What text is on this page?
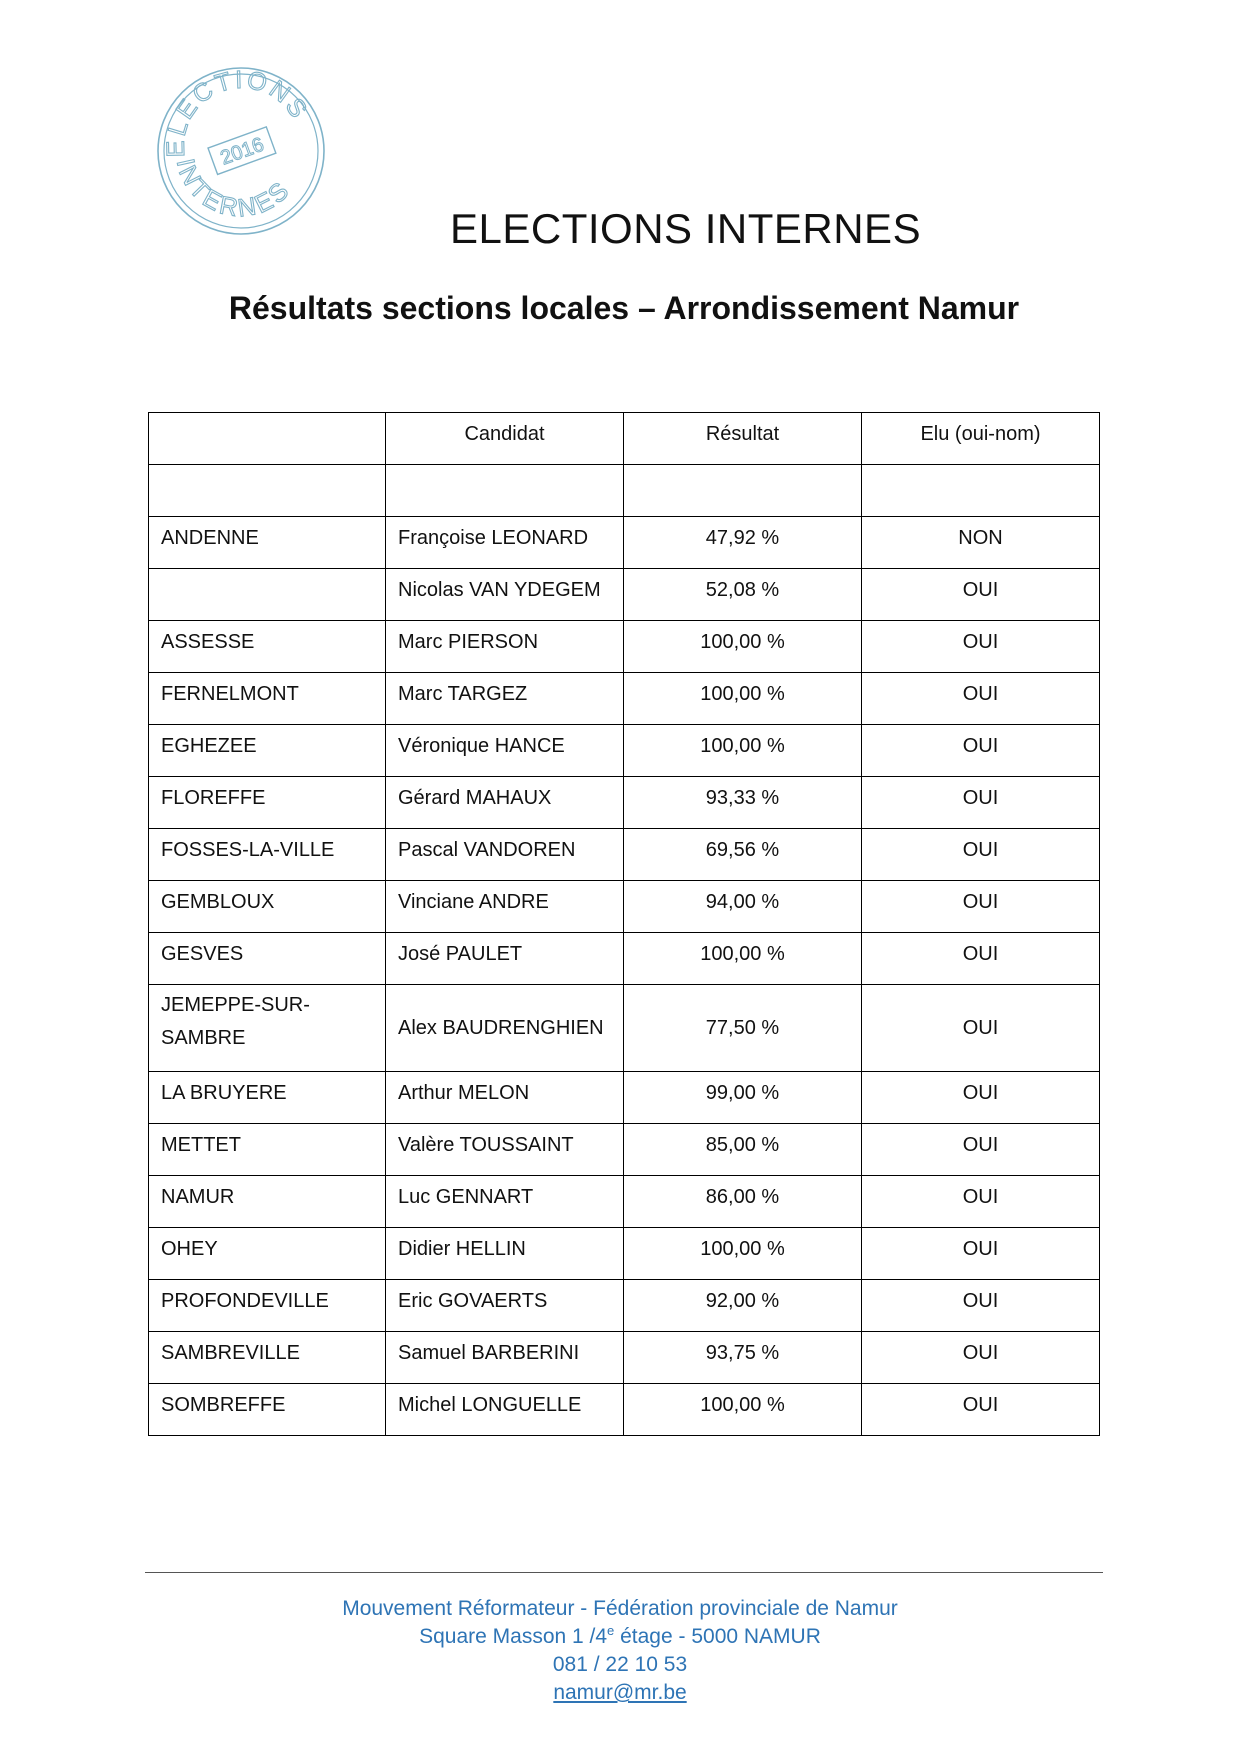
ELECTIONS
INTERNES
2016
ELECTIONS INTERNES
Résultats sections locales – Arrondissement Namur
	Candidat	Résultat	Elu (oui-nom)

ANDENNE	Françoise LEONARD	47,92 %	NON
	Nicolas VAN YDEGEM	52,08 %	OUI
ASSESSE	Marc PIERSON	100,00 %	OUI
FERNELMONT	Marc TARGEZ	100,00 %	OUI
EGHEZEE	Véronique HANCE	100,00 %	OUI
FLOREFFE	Gérard MAHAUX	93,33 %	OUI
FOSSES-LA-VILLE	Pascal VANDOREN	69,56 %	OUI
GEMBLOUX	Vinciane ANDRE	94,00 %	OUI
GESVES	José PAULET	100,00 %	OUI
JEMEPPE-SUR-SAMBRE	Alex BAUDRENGHIEN	77,50 %	OUI
LA BRUYERE	Arthur MELON	99,00 %	OUI
METTET	Valère TOUSSAINT	85,00 %	OUI
NAMUR	Luc GENNART	86,00 %	OUI
OHEY	Didier HELLIN	100,00 %	OUI
PROFONDEVILLE	Eric GOVAERTS	92,00 %	OUI
SAMBREVILLE	Samuel BARBERINI	93,75 %	OUI
SOMBREFFE	Michel LONGUELLE	100,00 %	OUI
Mouvement Réformateur - Fédération provinciale de Namur
Square Masson 1 /4e étage - 5000 NAMUR
081 / 22 10 53
namur@mr.be
